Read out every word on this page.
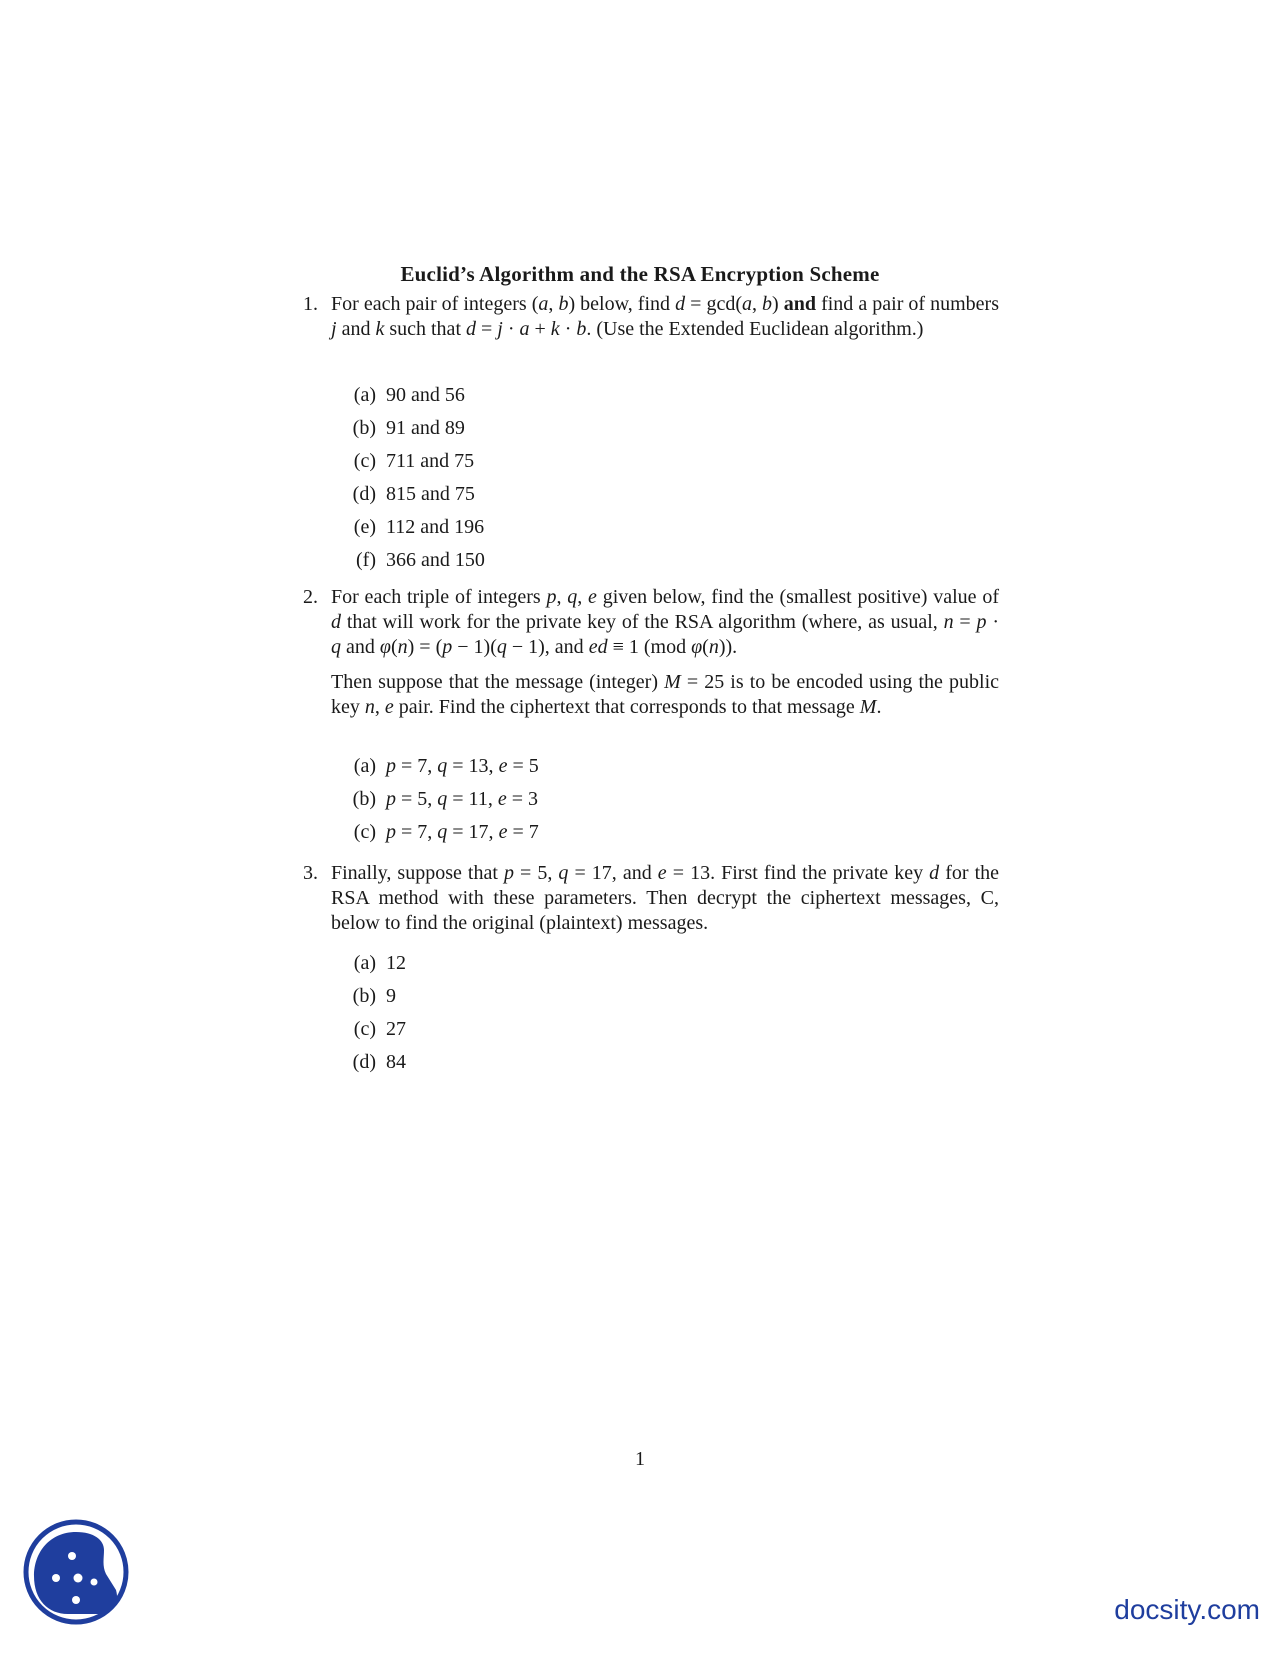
Euclid’s Algorithm and the RSA Encryption Scheme
1. For each pair of integers (a, b) below, find d = gcd(a, b) and find a pair of numbers j and k such that d = j · a + k · b. (Use the Extended Euclidean algorithm.)

(a) 90 and 56
(b) 91 and 89
(c) 711 and 75
(d) 815 and 75
(e) 112 and 196
(f) 366 and 150
2. For each triple of integers p, q, e given below, find the (smallest positive) value of d that will work for the private key of the RSA algorithm (where, as usual, n = p · q and φ(n) = (p − 1)(q − 1), and ed ≡ 1 (mod φ(n)).

Then suppose that the message (integer) M = 25 is to be encoded using the public key n, e pair. Find the ciphertext that corresponds to that message M.

(a) p = 7, q = 13, e = 5
(b) p = 5, q = 11, e = 3
(c) p = 7, q = 17, e = 7
3. Finally, suppose that p = 5, q = 17, and e = 13. First find the private key d for the RSA method with these parameters. Then decrypt the ciphertext messages, C, below to find the original (plaintext) messages.

(a) 12
(b) 9
(c) 27
(d) 84
1
docsity.com
